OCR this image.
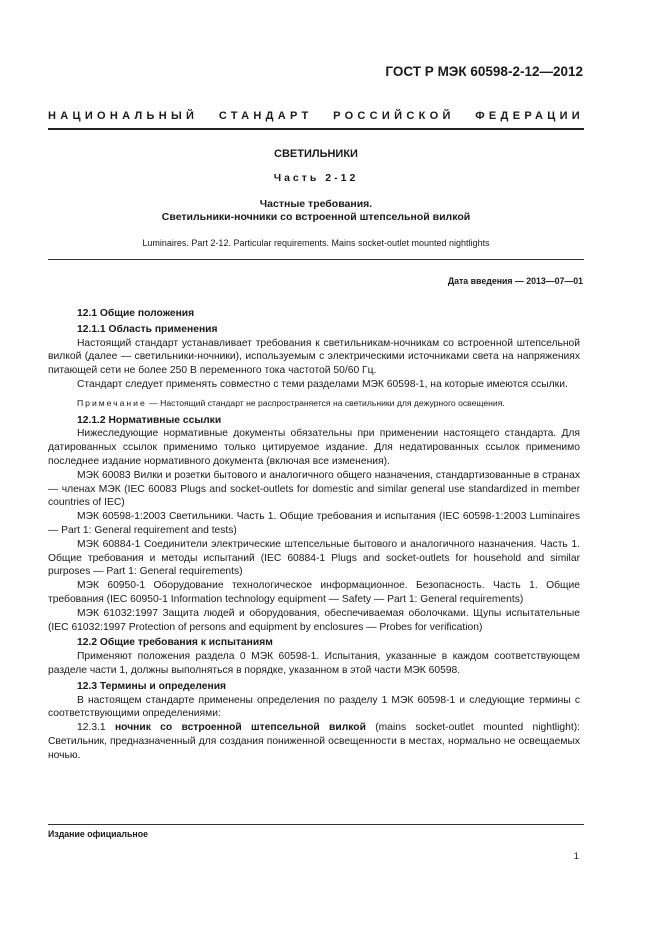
ГОСТ Р МЭК 60598-2-12—2012
НАЦИОНАЛЬНЫЙ СТАНДАРТ РОССИЙСКОЙ ФЕДЕРАЦИИ
СВЕТИЛЬНИКИ
Часть 2-12
Частные требования.
Светильники-ночники со встроенной штепсельной вилкой
Luminaires. Part 2-12. Particular requirements. Mains socket-outlet mounted nightlights
Дата введения — 2013—07—01

12.1 Общие положения

12.1.1 Область применения

Настоящий стандарт устанавливает требования к светильникам-ночникам со встроенной штепсельной вилкой (далее — светильники-ночники), используемым с электрическими источниками света на напряжениях питающей сети не более 250 В переменного тока частотой 50/60 Гц.

Стандарт следует применять совместно с теми разделами МЭК 60598-1, на которые имеются ссылки.

Примечание — Настоящий стандарт не распространяется на светильники для дежурного освещения.

12.1.2 Нормативные ссылки

Нижеследующие нормативные документы обязательны при применении настоящего стандарта. Для датированных ссылок применимо только цитируемое издание. Для недатированных ссылок применимо последнее издание нормативного документа (включая все изменения).

МЭК 60083 Вилки и розетки бытового и аналогичного общего назначения, стандартизованные в странах — членах МЭК (IEC 60083 Plugs and socket-outlets for domestic and similar general use standardized in member countries of IEC)

МЭК 60598-1:2003 Светильники. Часть 1. Общие требования и испытания (IEC 60598-1:2003 Luminaires — Part 1: General requirement and tests)

МЭК 60884-1 Соединители электрические штепсельные бытового и аналогичного назначения. Часть 1. Общие требования и методы испытаний (IEC 60884-1 Plugs and socket-outlets for household and similar purposes — Part 1: General requirements)

МЭК 60950-1 Оборудование технологическое информационное. Безопасность. Часть 1. Общие требования (IEC 60950-1 Information technology equipment — Safety — Part 1: General requirements)

МЭК 61032:1997 Защита людей и оборудования, обеспечиваемая оболочками. Щупы испытательные (IEC 61032:1997 Protection of persons and equipment by enclosures — Probes for verification)

12.2 Общие требования к испытаниям

Применяют положения раздела 0 МЭК 60598-1. Испытания, указанные в каждом соответствующем разделе части 1, должны выполняться в порядке, указанном в этой части МЭК 60598.

12.3 Термины и определения

В настоящем стандарте применены определения по разделу 1 МЭК 60598-1 и следующие термины с соответствующими определениями:

12.3.1 ночник со встроенной штепсельной вилкой (mains socket-outlet mounted nightlight): Светильник, предназначенный для создания пониженной освещенности в местах, нормально не освещаемых ночью.

Издание официальное
1
